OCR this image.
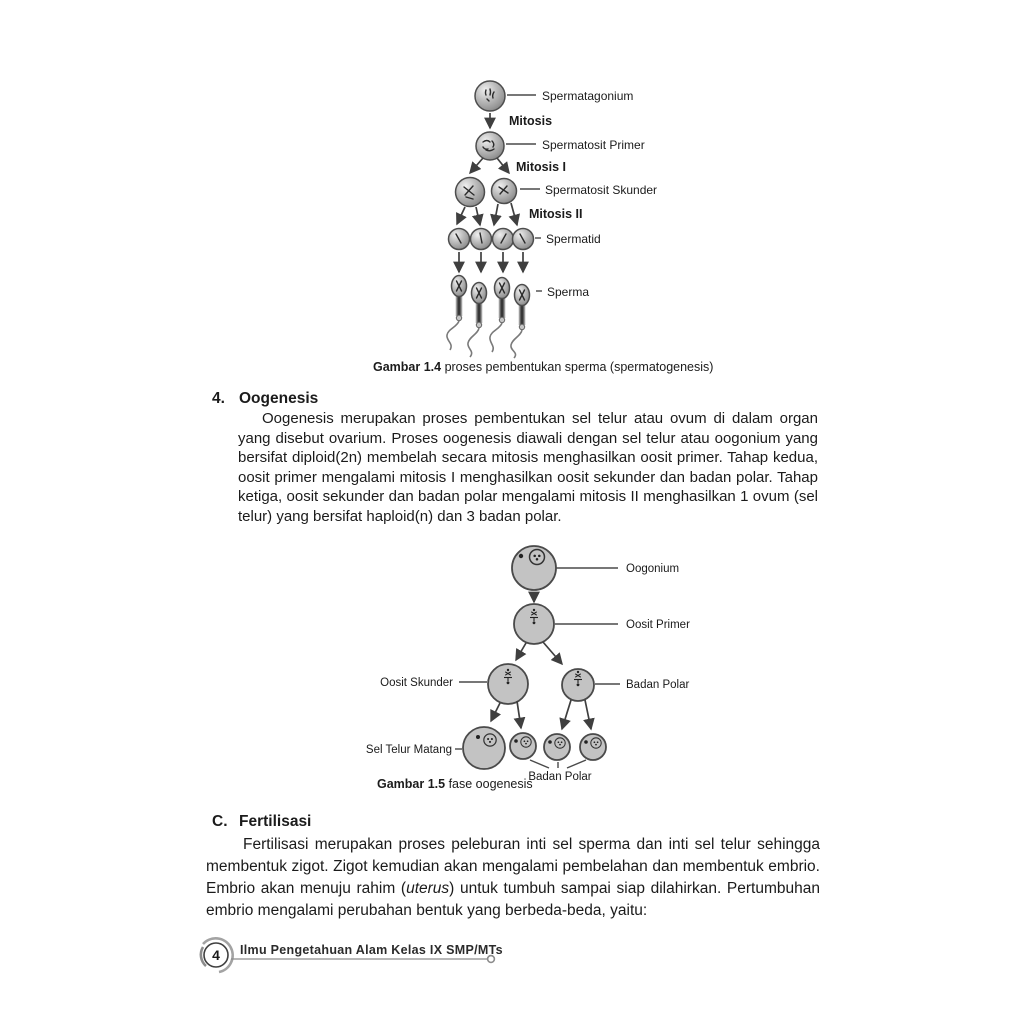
Spermatagonium
Mitosis
Spermatosit Primer
Mitosis I
Spermatosit Skunder
Mitosis II
Spermatid
Sperma
Gambar 1.4 proses pembentukan sperma (spermatogenesis)
4. Oogenesis
Oogenesis merupakan proses pembentukan sel telur atau ovum di dalam organ yang disebut ovarium. Proses oogenesis diawali dengan sel telur atau oogonium yang bersifat diploid(2n) membelah secara mitosis menghasilkan oosit primer. Tahap kedua, oosit primer mengalami mitosis I menghasilkan oosit sekunder dan badan polar. Tahap ketiga, oosit sekunder dan badan polar mengalami mitosis II menghasilkan 1 ovum (sel telur) yang bersifat haploid(n) dan 3 badan polar.
Oogonium
Oosit Primer
Oosit Skunder	Badan Polar
Sel Telur Matang
Badan Polar
Gambar 1.5 fase oogenesis
C. Fertilisasi
Fertilisasi merupakan proses peleburan inti sel sperma dan inti sel telur sehingga membentuk zigot. Zigot kemudian akan mengalami pembelahan dan membentuk embrio. Embrio akan menuju rahim (uterus) untuk tumbuh sampai siap dilahirkan. Pertumbuhan embrio mengalami perubahan bentuk yang berbeda-beda, yaitu:
4 Ilmu Pengetahuan Alam Kelas IX SMP/MTs
